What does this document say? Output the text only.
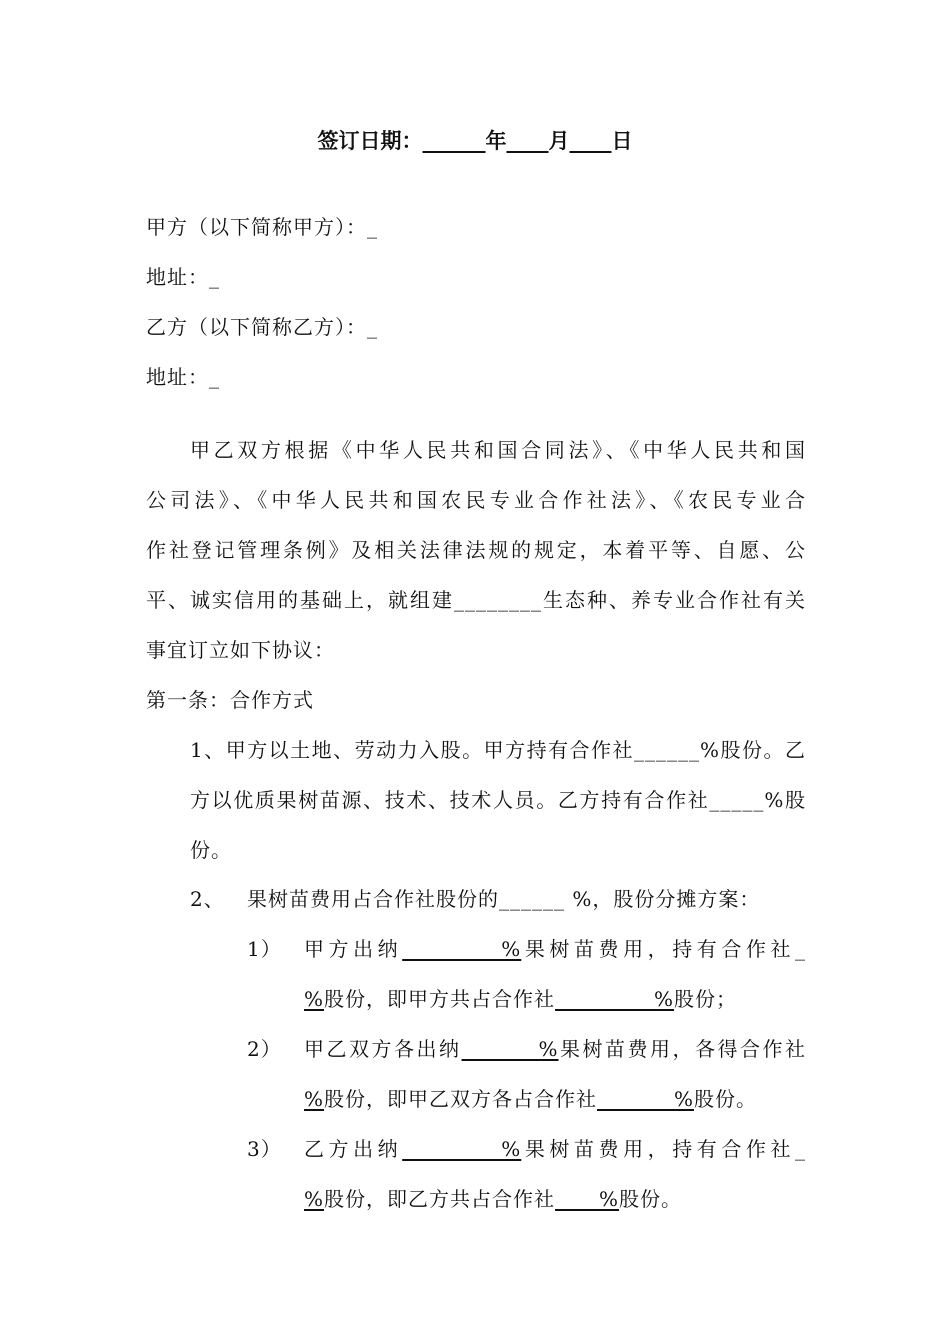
签订日期：______年____月____日
甲方（以下简称甲方）：_
地址：_
乙方（以下简称乙方）：_
地址：_
甲乙双方根据《中华人民共和国合同法》、《中华人民共和国
公司法》、《中华人民共和国农民专业合作社法》、《农民专业合
作社登记管理条例》及相关法律法规的规定，本着平等、自愿、公
平、诚实信用的基础上，就组建________生态种、养专业合作社有关
事宜订立如下协议：
第一条：合作方式
1、甲方以土地、劳动力入股。甲方持有合作社______%股份。乙
方以优质果树苗源、技术、技术人员。乙方持有合作社_____%股
份。
2、 果树苗费用占合作社股份的______ %，股份分摊方案：
1） 甲方出纳_________%果树苗费用，持有合作社_
%股份，即甲方共占合作社_________%股份；
2） 甲乙双方各出纳_______%果树苗费用，各得合作社
%股份，即甲乙双方各占合作社_______%股份。
3） 乙方出纳_________%果树苗费用，持有合作社_
%股份，即乙方共占合作社____%股份。
